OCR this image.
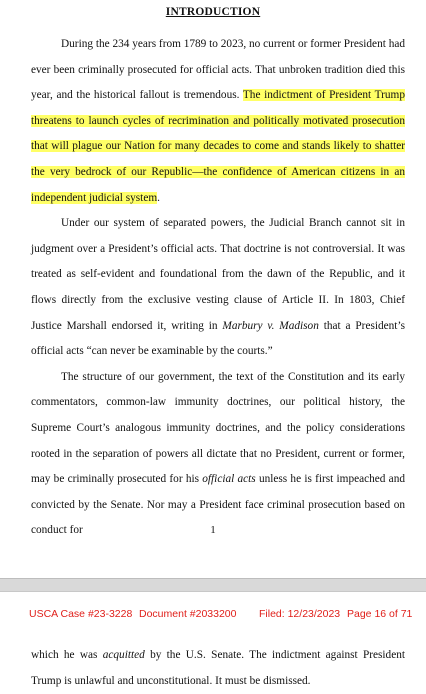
INTRODUCTION

During the 234 years from 1789 to 2023, no current or former President had ever been criminally prosecuted for official acts. That unbroken tradition died this year, and the historical fallout is tremendous. The indictment of President Trump threatens to launch cycles of recrimination and politically motivated prosecution that will plague our Nation for many decades to come and stands likely to shatter the very bedrock of our Republic—the confidence of American citizens in an independent judicial system.

Under our system of separated powers, the Judicial Branch cannot sit in judgment over a President’s official acts. That doctrine is not controversial. It was treated as self-evident and foundational from the dawn of the Republic, and it flows directly from the exclusive vesting clause of Article II. In 1803, Chief Justice Marshall endorsed it, writing in Marbury v. Madison that a President’s official acts “can never be examinable by the courts.”

The structure of our government, the text of the Constitution and its early commentators, common-law immunity doctrines, our political history, the Supreme Court’s analogous immunity doctrines, and the policy considerations rooted in the separation of powers all dictate that no President, current or former, may be criminally prosecuted for his official acts unless he is first impeached and convicted by the Senate. Nor may a President face criminal prosecution based on conduct for	1
USCA Case #23-3228 Document #2033200 Filed: 12/23/2023 Page 16 of 71

which he was acquitted by the U.S. Senate. The indictment against President Trump is unlawful and unconstitutional. It must be dismissed.
